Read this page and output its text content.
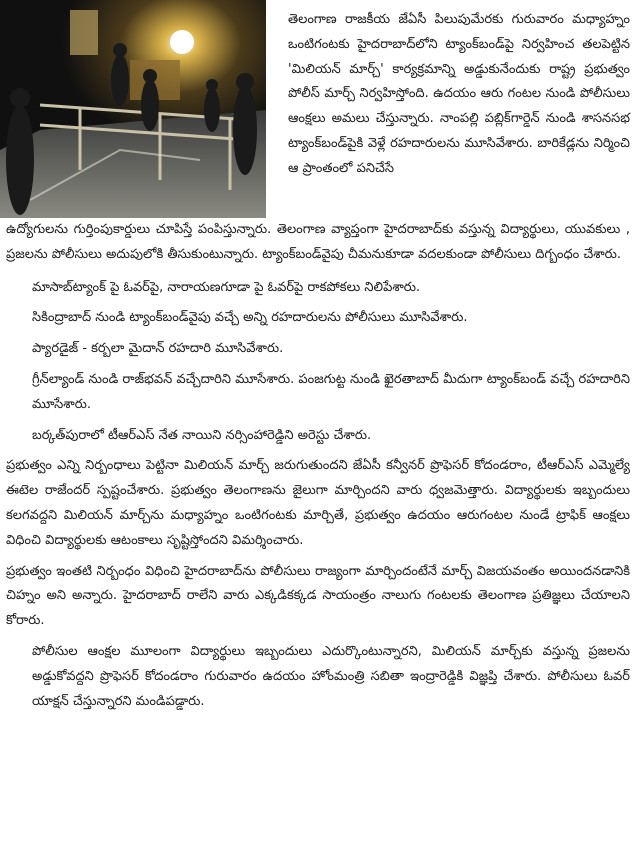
తెలంగాణ రాజకీయ జేఏసీ పిలుపుమేరకు గురువారం మధ్యాహ్నం ఒంటిగంటకు హైదరాబాద్‌లోని ట్యాంక్‌బండ్‌పై నిర్వహించ తలపెట్టిన 'మిలియన్ మార్చ్' కార్యక్రమాన్ని అడ్డుకునేందుకు రాష్ట్ర ప్రభుత్వం పోలీస్ మార్చ్ నిర్వహిస్తోంది. ఉదయం ఆరు గంటల నుండి పోలీసులు ఆంక్షలు అమలు చేస్తున్నారు. నాంపల్లి పబ్లిక్‌గార్డెన్ నుండి శాసనసభ ట్యాంక్‌బండ్‌పైకి వెళ్లే రహదారులను మూసివేశారు. బారికేడ్లను నిర్మించి ఆ ప్రాంతంలో పనిచేసే

ఉద్యోగులను గుర్తింపుకార్డులు చూపిస్తే పంపిస్తున్నారు. తెలంగాణ వ్యాప్తంగా హైదరాబాద్‌కు వస్తున్న విద్యార్థులు, యువకులు , ప్రజలను పోలీసులు అదుపులోకి తీసుకుంటున్నారు. ట్యాంక్‌బండ్‌వైపు చీమనుకూడా వదలకుండా పోలీసులు దిగ్బంధం చేశారు.

మాసాబ్‌ట్యాంక్ పై ఓవర్‌పై, నారాయణగూడా పై ఓవర్‌పై రాకపోకలు నిలిపేశారు.

సికింద్రాబాద్ నుండి ట్యాంక్‌బండ్‌వైపు వచ్చే అన్ని రహదారులను పోలీసులు మూసివేశారు.

ప్యారడైజ్ - కర్బలా మైదాన్ రహదారి మూసివేశారు.

గ్రీన్‌ల్యాండ్ నుండి రాజ్‌భవన్ వచ్చేదారిని మూసేశారు. పంజగుట్ట నుండి ఖైరతాబాద్ మీదుగా ట్యాంక్‌బండ్ వచ్చే రహదారిని మూసేశారు.

బర్కత్‌పురాలో టీఆర్ఎస్ నేత నాయిని నర్సింహారెడ్డిని అరెస్టు చేశారు.

ప్రభుత్వం ఎన్ని నిర్బంధాలు పెట్టినా మిలియన్ మార్చ్ జరుగుతుందని జేఏసీ కన్వీనర్ ప్రొఫెసర్ కోదండరాం, టీఆర్ఎస్ ఎమ్మెల్యే ఈటెల రాజేందర్ స్పష్టంచేశారు. ప్రభుత్వం తెలంగాణను జైలుగా మార్చిందని వారు ధ్వజమెత్తారు. విద్యార్థులకు ఇబ్బందులు కలగవద్దని మిలియన్ మార్చ్‌ను మధ్యాహ్నం ఒంటిగంటకు మార్చితే, ప్రభుత్వం ఉదయం ఆరుగంటల నుండే ట్రాఫిక్ ఆంక్షలు విధించి విద్యార్థులకు ఆటంకాలు సృష్టిస్తోందని విమర్శించారు.

ప్రభుత్వం ఇంతటి నిర్బంధం విధించి హైదరాబాద్‌ను పోలీసులు రాజ్యంగా మార్చిందంటేనే మార్చ్ విజయవంతం అయిందనడానికి చిహ్నం అని అన్నారు. హైదరాబాద్ రాలేని వారు ఎక్కడికక్కడ సాయంత్రం నాలుగు గంటలకు తెలంగాణ ప్రతిజ్ఞలు చేయాలని కోరారు.

పోలీసుల ఆంక్షల మూలంగా విద్యార్థులు ఇబ్బందులు ఎదుర్కొంటున్నారని, మిలియన్ మార్చ్‌కు వస్తున్న ప్రజలను అడ్డుకోవద్దని ప్రొఫెసర్ కోదండరాం గురువారం ఉదయం హోంమంత్రి సబితా ఇంద్రారెడ్డికి విజ్ఞప్తి చేశారు. పోలీసులు ఓవర్ యాక్షన్ చేస్తున్నారని మండిపడ్డారు.
